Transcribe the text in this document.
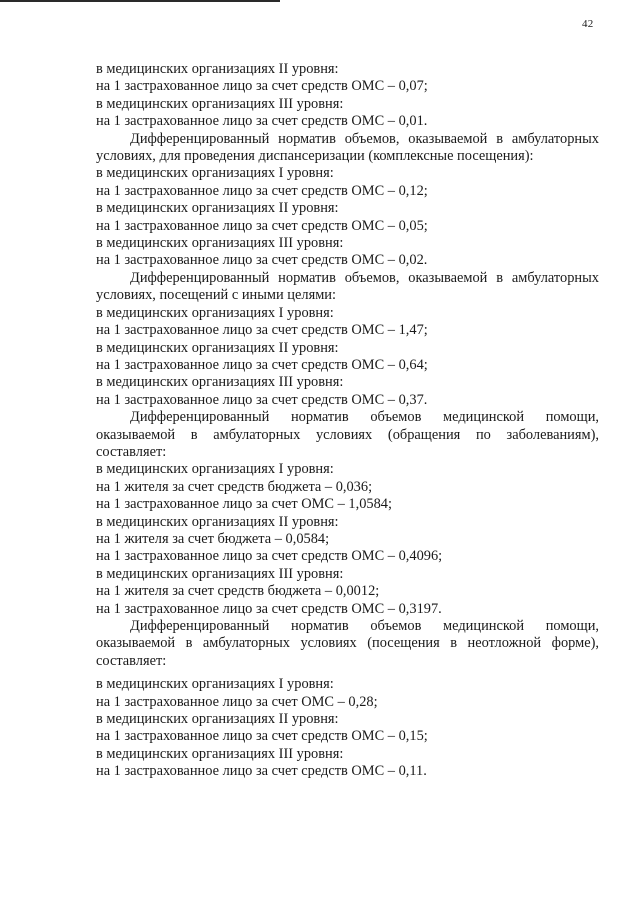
42

в медицинских организациях II уровня:

на 1 застрахованное лицо за счет средств ОМС – 0,07;

в медицинских организациях III уровня:

на 1 застрахованное лицо за счет средств ОМС – 0,01.

Дифференцированный норматив объемов, оказываемой в амбулаторных условиях, для проведения диспансеризации (комплексные посещения):

в медицинских организациях I уровня:

на 1 застрахованное лицо за счет средств ОМС – 0,12;

в медицинских организациях II уровня:

на 1 застрахованное лицо за счет средств ОМС – 0,05;

в медицинских организациях III уровня:

на 1 застрахованное лицо за счет средств ОМС – 0,02.

Дифференцированный норматив объемов, оказываемой в амбулаторных условиях, посещений с иными целями:

в медицинских организациях I уровня:

на 1 застрахованное лицо за счет средств ОМС – 1,47;

в медицинских организациях II уровня:

на 1 застрахованное лицо за счет средств ОМС – 0,64;

в медицинских организациях III уровня:

на 1 застрахованное лицо за счет средств ОМС – 0,37.

Дифференцированный норматив объемов медицинской помощи, оказываемой в амбулаторных условиях (обращения по заболеваниям), составляет:

в медицинских организациях I уровня:

на 1 жителя за счет средств бюджета – 0,036;

на 1 застрахованное лицо за счет ОМС – 1,0584;

в медицинских организациях II уровня:

на 1 жителя за счет бюджета – 0,0584;

на 1 застрахованное лицо за счет средств ОМС – 0,4096;

в медицинских организациях III уровня:

на 1 жителя за счет средств бюджета – 0,0012;

на 1 застрахованное лицо за счет средств ОМС – 0,3197.

Дифференцированный норматив объемов медицинской помощи, оказываемой в амбулаторных условиях (посещения в неотложной форме), составляет:

в медицинских организациях I уровня:

на 1 застрахованное лицо за счет ОМС – 0,28;

в медицинских организациях II уровня:

на 1 застрахованное лицо за счет средств ОМС – 0,15;

в медицинских организациях III уровня:

на 1 застрахованное лицо за счет средств ОМС – 0,11.
